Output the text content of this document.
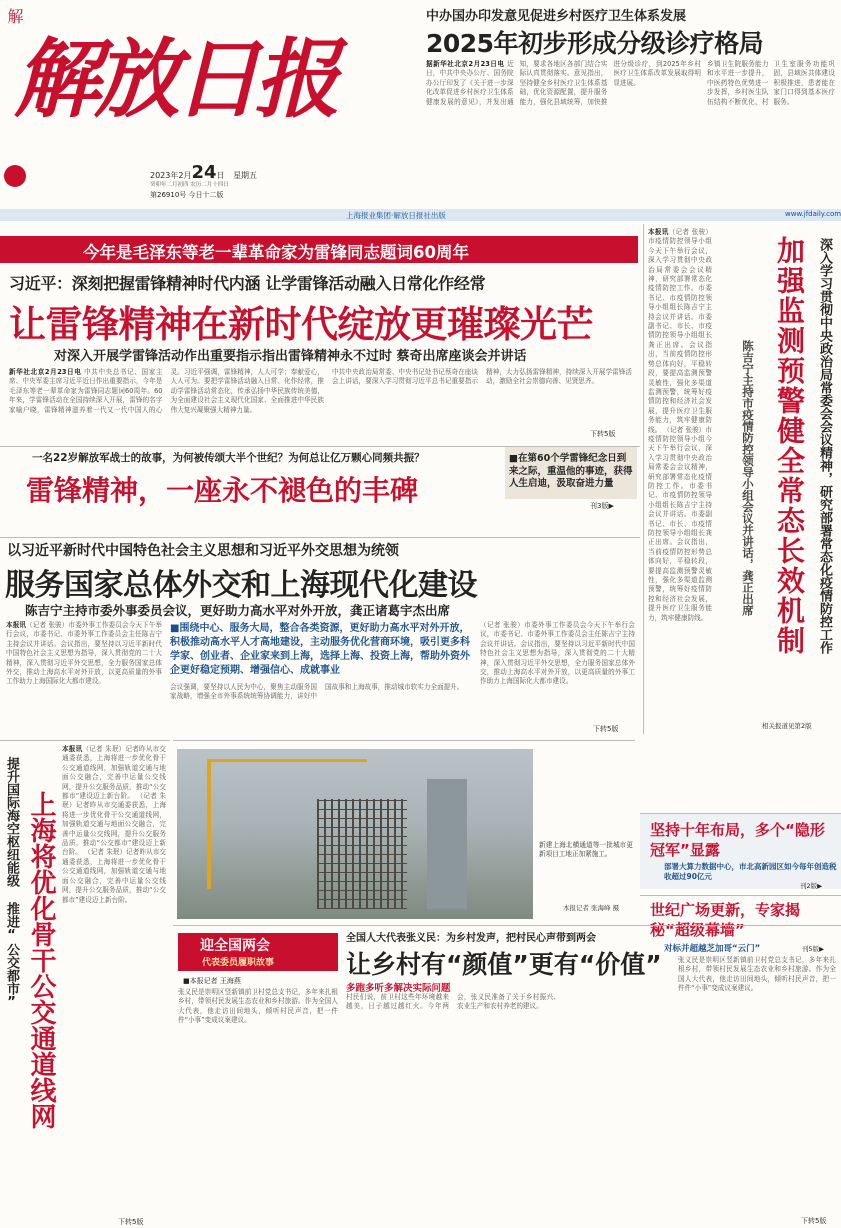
解
解放日报
2023年2月24日 星期五
癸卯年二月初四 农历二月十四日
第26910号 今日十二版
上海报业集团·解放日报社出版	www.jfdaily.com
中办国办印发意见促进乡村医疗卫生体系发展
2025年初步形成分级诊疗格局
据新华社北京2月23日电 近日，中共中央办公厅、国务院办公厅印发了《关于进一步深化改革促进乡村医疗卫生体系健康发展的意见》，并发出通知，要求各地区各部门结合实际认真贯彻落实。意见指出，坚持健全乡村医疗卫生体系基础，优化资源配置，提升服务能力，强化县域统筹，加快推进分级诊疗，到2025年乡村医疗卫生体系改革发展取得明显进展。
乡镇卫生院服务能力和水平进一步提升，中医药特色优势进一步发挥，乡村医生队伍结构不断优化，村卫生室服务功能巩固，县域医共体建设积极推进，患者能在家门口得到基本医疗服务。
今年是毛泽东等老一辈革命家为雷锋同志题词60周年
习近平：深刻把握雷锋精神时代内涵 让学雷锋活动融入日常化作经常
让雷锋精神在新时代绽放更璀璨光芒
对深入开展学雷锋活动作出重要指示指出雷锋精神永不过时 蔡奇出席座谈会并讲话
新华社北京2月23日电 中共中央总书记、国家主席、中央军委主席习近平近日作出重要指示，今年是毛泽东等老一辈革命家为雷锋同志题词60周年。60年来，学雷锋活动在全国持续深入开展，雷锋的名字家喻户晓，雷锋精神滋养着一代又一代中国人的心灵。习近平强调，雷锋精神，人人可学；奉献爱心，人人可为。要把学雷锋活动融入日常、化作经常，推动学雷锋活动常态化，传承弘扬中华民族传统美德，为全面建设社会主义现代化国家、全面推进中华民族伟大复兴凝聚强大精神力量。
中共中央政治局常委、中央书记处书记蔡奇在座谈会上讲话，要深入学习贯彻习近平总书记重要指示精神，大力弘扬雷锋精神，持续深入开展学雷锋活动，激励全社会崇德向善、见贤思齐。
下转5版
一名22岁解放军战士的故事，为何被传颂大半个世纪？为何总让亿万颗心同频共振？
雷锋精神，一座永不褪色的丰碑
■在第60个学雷锋纪念日到来之际，重温他的事迹，获得人生启迪，汲取奋进力量
刊3版▶
以习近平新时代中国特色社会主义思想和习近平外交思想为统领
服务国家总体外交和上海现代化建设
陈吉宁主持市委外事委员会议，更好助力高水平对外开放，龚正诸葛宇杰出席
本报讯（记者 张骏）市委外事工作委员会今天下午举行会议，市委书记、市委外事工作委员会主任陈吉宁主持会议并讲话。会议指出，要坚持以习近平新时代中国特色社会主义思想为指导，深入贯彻党的二十大精神，深入贯彻习近平外交思想，全力服务国家总体外交，推动上海高水平对外开放，以更高质量的外事工作助力上海国际化大都市建设。
■围绕中心、服务大局，整合各类资源，更好助力高水平对外开放，积极推动高水平人才高地建设，主动服务优化营商环境，吸引更多科学家、创业者、企业家来到上海，选择上海、投资上海，帮助外资外企更好稳定预期、增强信心、成就事业
会议强调，要坚持以人民为中心，聚焦主动服务国家战略，增强全市外事系统统筹协调能力，讲好中国故事和上海故事，推动城市软实力全面提升。
（记者 张骏）市委外事工作委员会今天下午举行会议，市委书记、市委外事工作委员会主任陈吉宁主持会议并讲话。会议指出，要坚持以习近平新时代中国特色社会主义思想为指导，深入贯彻党的二十大精神，深入贯彻习近平外交思想，全力服务国家总体外交，推动上海高水平对外开放，以更高质量的外事工作助力上海国际化大都市建设。
下转5版
本报讯（记者 张骏）市疫情防控领导小组今天下午举行会议，深入学习贯彻中央政治局常委会会议精神，研究部署常态化疫情防控工作。市委书记、市疫情防控领导小组组长陈吉宁主持会议并讲话。市委副书记、市长、市疫情防控领导小组组长龚正出席。会议指出，当前疫情防控形势总体向好，平稳转段，要提高监测预警灵敏性，强化多渠道监测预警，统筹好疫情防控和经济社会发展，提升医疗卫生服务能力，筑牢健康防线。 （记者 张骏）市疫情防控领导小组今天下午举行会议，深入学习贯彻中央政治局常委会会议精神，研究部署常态化疫情防控工作。市委书记、市疫情防控领导小组组长陈吉宁主持会议并讲话。市委副书记、市长、市疫情防控领导小组组长龚正出席。会议指出，当前疫情防控形势总体向好，平稳转段，要提高监测预警灵敏性，强化多渠道监测预警，统筹好疫情防控和经济社会发展，提升医疗卫生服务能力，筑牢健康防线。	深入学习贯彻中央政治局常委会会议精神，研究部署常态化疫情防控工作
加强监测预警健全常态长效机制
陈吉宁主持市疫情防控领导小组会议并讲话，龚正出席
相关报道见第2版
提升国际海空枢纽能级 推进“公交都市” 上海将优化骨干公交通道线网
本报讯（记者 朱珉）记者昨从市交通委获悉，上海将进一步优化骨干公交通道线网，加强轨道交通与地面公交融合，完善中运量公交线网，提升公交服务品质，推动“公交都市”建设迈上新台阶。 （记者 朱珉）记者昨从市交通委获悉，上海将进一步优化骨干公交通道线网，加强轨道交通与地面公交融合，完善中运量公交线网，提升公交服务品质，推动“公交都市”建设迈上新台阶。 （记者 朱珉）记者昨从市交通委获悉，上海将进一步优化骨干公交通道线网，加强轨道交通与地面公交融合，完善中运量公交线网，提升公交服务品质，推动“公交都市”建设迈上新台阶。
下转5版
新建上海北横通道等一批城市更新项目工地正加紧施工。
本报记者 张海峰 摄
坚持十年布局，多个“隐形冠军”显露
部署大算力数据中心，市北高新园区如今每年创造税收超过90亿元
刊2版▶
世纪广场更新，专家揭秘“超级幕墙”
对标并超越芝加哥“云门”	刊5版▶
迎全国两会
代表委员履职故事
■本报记者 王海燕
张义民是崇明区竖新镇前卫村党总支书记，多年来扎根乡村，带领村民发展生态农业和乡村旅游。作为全国人大代表，他走访田间地头，倾听村民声音，把一件件“小事”变成议案建议。
全国人大代表张义民：为乡村发声，把村民心声带到两会
让乡村有“颜值”更有“价值”
多跑多听多解决实际问题
村民们说，前卫村这些年环境越来越美，日子越过越红火。今年两会，张义民准备了关于乡村振兴、农业生产和农村养老的建议。
张义民是崇明区竖新镇前卫村党总支书记，多年来扎根乡村，带领村民发展生态农业和乡村旅游。作为全国人大代表，他走访田间地头，倾听村民声音，把一件件“小事”变成议案建议。
下转5版
